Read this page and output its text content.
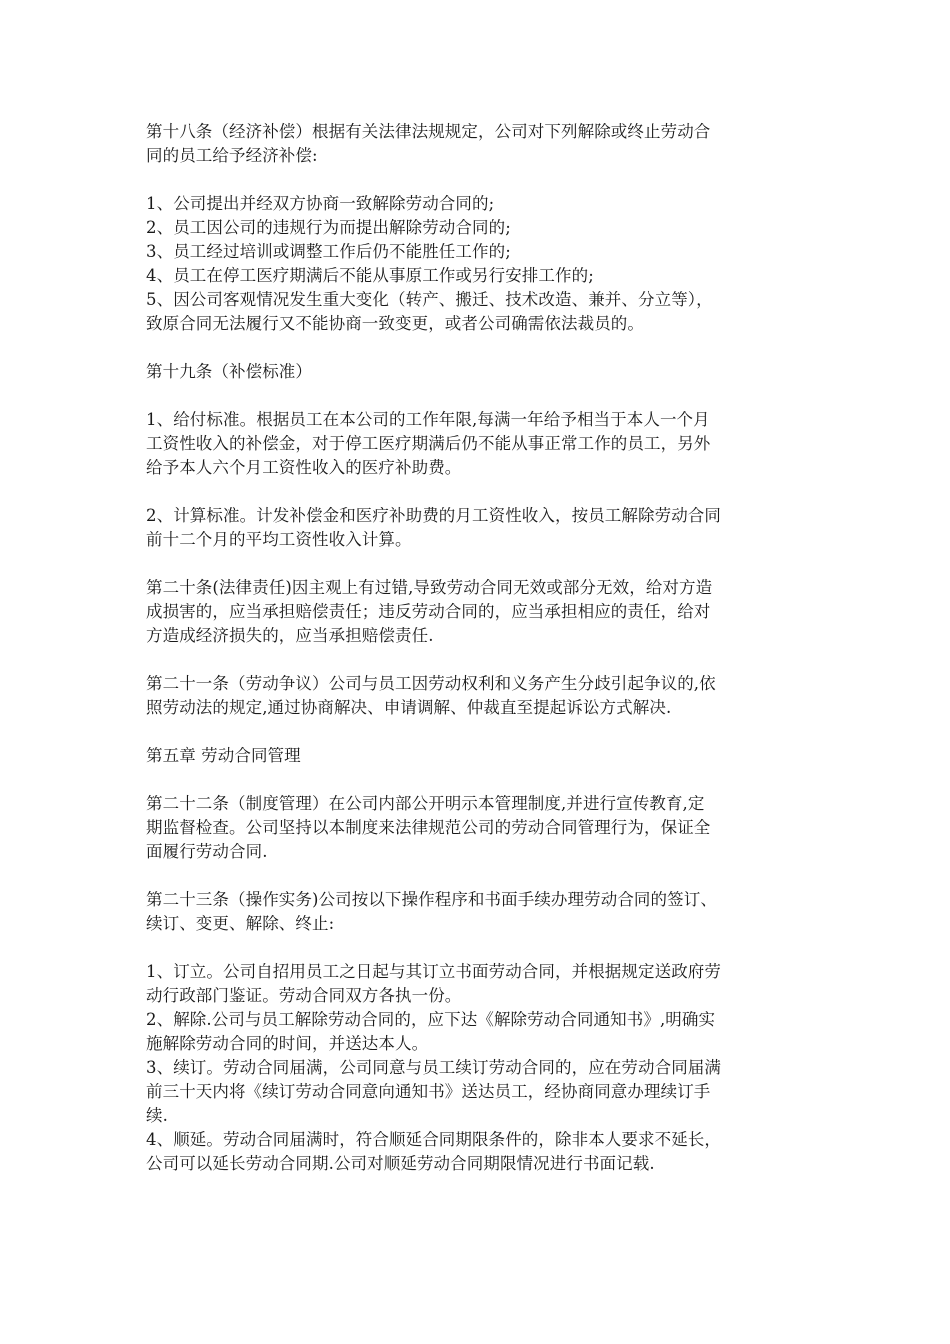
第十八条（经济补偿）根据有关法律法规规定，公司对下列解除或终止劳动合
同的员工给予经济补偿:
1、公司提出并经双方协商一致解除劳动合同的;
2、员工因公司的违规行为而提出解除劳动合同的;
3、员工经过培训或调整工作后仍不能胜任工作的;
4、员工在停工医疗期满后不能从事原工作或另行安排工作的;
5、因公司客观情况发生重大变化（转产、搬迁、技术改造、兼并、分立等），
致原合同无法履行又不能协商一致变更，或者公司确需依法裁员的。
第十九条（补偿标准）
1、给付标准。根据员工在本公司的工作年限,每满一年给予相当于本人一个月
工资性收入的补偿金，对于停工医疗期满后仍不能从事正常工作的员工，另外
给予本人六个月工资性收入的医疗补助费。
2、计算标准。计发补偿金和医疗补助费的月工资性收入，按员工解除劳动合同
前十二个月的平均工资性收入计算。
第二十条(法律责任)因主观上有过错,导致劳动合同无效或部分无效，给对方造
成损害的，应当承担赔偿责任；违反劳动合同的，应当承担相应的责任，给对
方造成经济损失的，应当承担赔偿责任.
第二十一条（劳动争议）公司与员工因劳动权利和义务产生分歧引起争议的,依
照劳动法的规定,通过协商解决、申请调解、仲裁直至提起诉讼方式解决.
第五章 劳动合同管理
第二十二条（制度管理）在公司内部公开明示本管理制度,并进行宣传教育,定
期监督检查。公司坚持以本制度来法律规范公司的劳动合同管理行为，保证全
面履行劳动合同.
第二十三条（操作实务)公司按以下操作程序和书面手续办理劳动合同的签订、
续订、变更、解除、终止:
1、订立。公司自招用员工之日起与其订立书面劳动合同，并根据规定送政府劳
动行政部门鉴证。劳动合同双方各执一份。
2、解除.公司与员工解除劳动合同的，应下达《解除劳动合同通知书》,明确实
施解除劳动合同的时间，并送达本人。
3、续订。劳动合同届满，公司同意与员工续订劳动合同的，应在劳动合同届满
前三十天内将《续订劳动合同意向通知书》送达员工，经协商同意办理续订手
续.
4、顺延。劳动合同届满时，符合顺延合同期限条件的，除非本人要求不延长，
公司可以延长劳动合同期.公司对顺延劳动合同期限情况进行书面记载.
